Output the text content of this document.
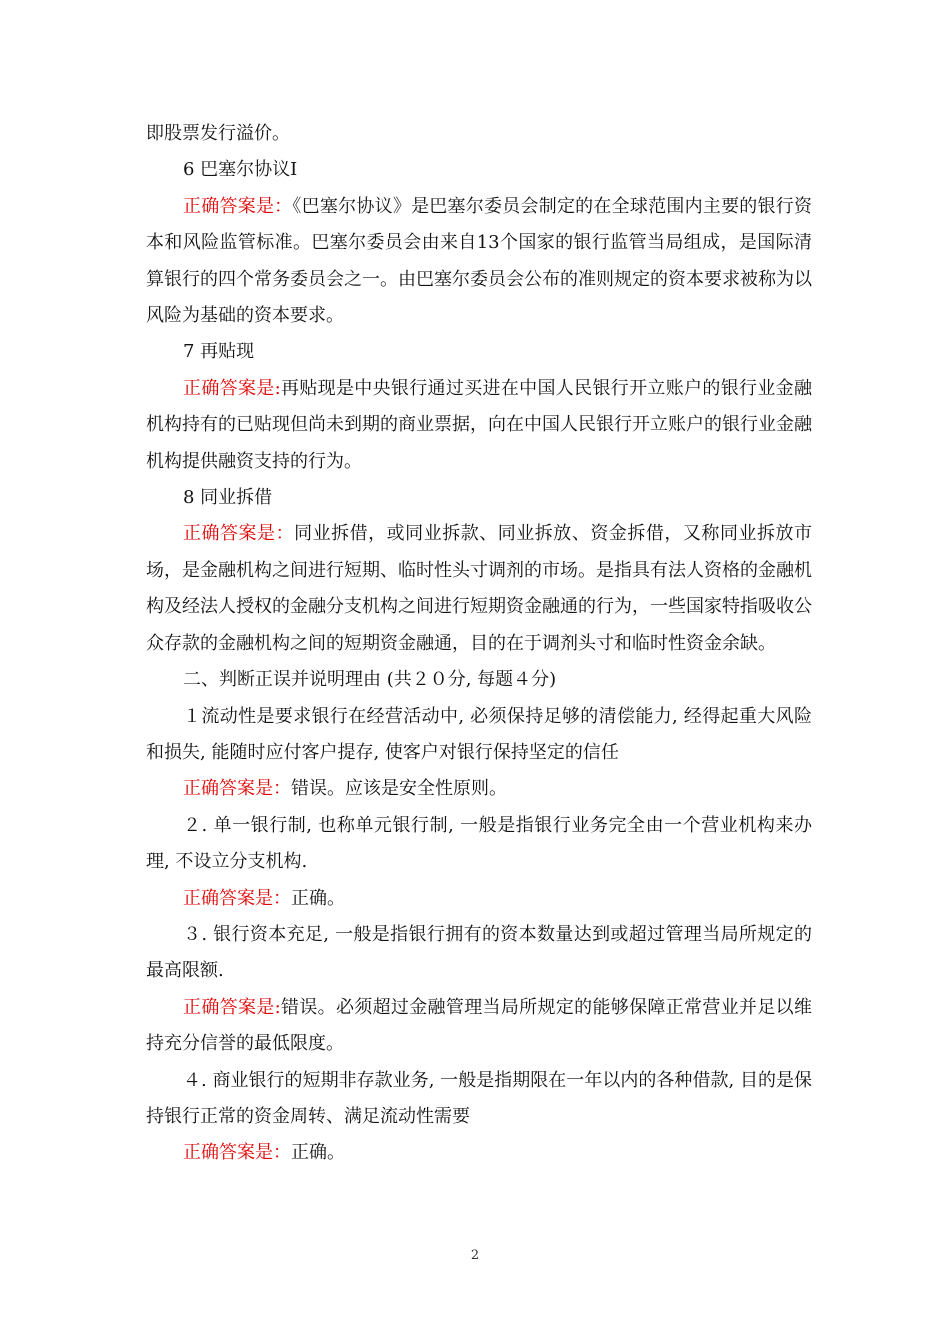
即股票发行溢价。

6 巴塞尔协议Ⅰ

正确答案是：《巴塞尔协议》是巴塞尔委员会制定的在全球范围内主要的银行资本和风险监管标准。巴塞尔委员会由来自13个国家的银行监管当局组成，是国际清算银行的四个常务委员会之一。由巴塞尔委员会公布的准则规定的资本要求被称为以风险为基础的资本要求。

7 再贴现

正确答案是:再贴现是中央银行通过买进在中国人民银行开立账户的银行业金融机构持有的已贴现但尚未到期的商业票据，向在中国人民银行开立账户的银行业金融机构提供融资支持的行为。

8 同业拆借

正确答案是：同业拆借，或同业拆款、同业拆放、资金拆借，又称同业拆放市场，是金融机构之间进行短期、临时性头寸调剂的市场。是指具有法人资格的金融机构及经法人授权的金融分支机构之间进行短期资金融通的行为，一些国家特指吸收公众存款的金融机构之间的短期资金融通，目的在于调剂头寸和临时性资金余缺。

二、判断正误并说明理由 (共２０分, 每题４分)

１流动性是要求银行在经营活动中, 必须保持足够的清偿能力, 经得起重大风险和损失, 能随时应付客户提存, 使客户对银行保持坚定的信任

正确答案是：错误。应该是安全性原则。

２. 单一银行制, 也称单元银行制, 一般是指银行业务完全由一个营业机构来办理, 不设立分支机构.

正确答案是：正确。

３. 银行资本充足, 一般是指银行拥有的资本数量达到或超过管理当局所规定的最高限额.

正确答案是:错误。必须超过金融管理当局所规定的能够保障正常营业并足以维持充分信誉的最低限度。

４. 商业银行的短期非存款业务, 一般是指期限在一年以内的各种借款, 目的是保持银行正常的资金周转、满足流动性需要

正确答案是：正确。

2
